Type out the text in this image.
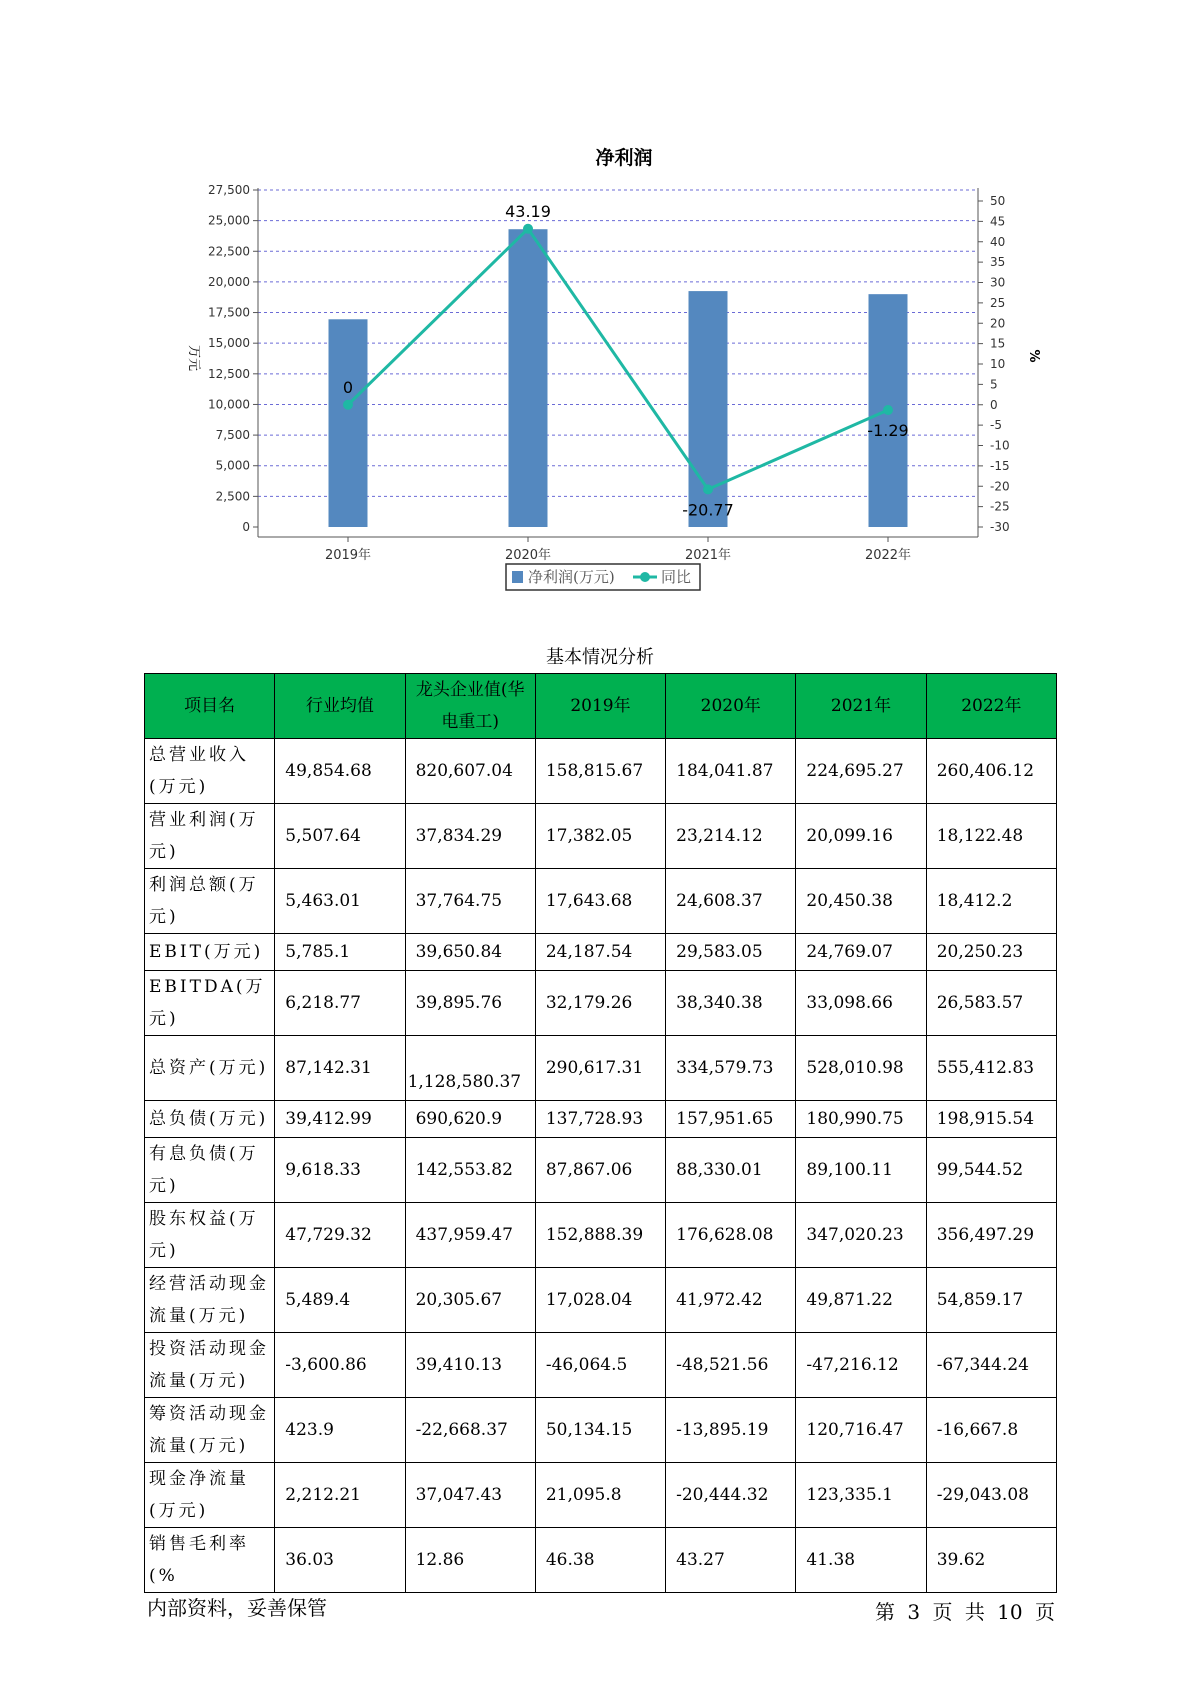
净利润
0
2,500
5,000
7,500
10,000
12,500
15,000
17,500
20,000
22,500
25,000
27,500
-30
-25
-20
-15
-10
-5
0
5
10
15
20
25
30
35
40
45
50
万元	%
2019年	2020年	2021年	2022年
0
43.19
-20.77
-1.29
净利润(万元)	同比
基本情况分析
项目名	行业均值	龙头企业值(华电重工)	2019年	2020年	2021年	2022年
总营业收入(万元)	49,854.68	820,607.04	158,815.67	184,041.87	224,695.27	260,406.12
营业利润(万元)	5,507.64	37,834.29	17,382.05	23,214.12	20,099.16	18,122.48
利润总额(万元)	5,463.01	37,764.75	17,643.68	24,608.37	20,450.38	18,412.2
EBIT(万元)	5,785.1	39,650.84	24,187.54	29,583.05	24,769.07	20,250.23
EBITDA(万元)	6,218.77	39,895.76	32,179.26	38,340.38	33,098.66	26,583.57
总资产(万元)	87,142.31	1,128,580.37	290,617.31	334,579.73	528,010.98	555,412.83
总负债(万元)	39,412.99	690,620.9	137,728.93	157,951.65	180,990.75	198,915.54
有息负债(万元)	9,618.33	142,553.82	87,867.06	88,330.01	89,100.11	99,544.52
股东权益(万元)	47,729.32	437,959.47	152,888.39	176,628.08	347,020.23	356,497.29
经营活动现金流量(万元)	5,489.4	20,305.67	17,028.04	41,972.42	49,871.22	54,859.17
投资活动现金流量(万元)	-3,600.86	39,410.13	-46,064.5	-48,521.56	-47,216.12	-67,344.24
筹资活动现金流量(万元)	423.9	-22,668.37	50,134.15	-13,895.19	120,716.47	-16,667.8
现金净流量(万元)	2,212.21	37,047.43	21,095.8	-20,444.32	123,335.1	-29,043.08
销售毛利率(%	36.03	12.86	46.38	43.27	41.38	39.62
内部资料，妥善保管	第 3 页 共 10 页
